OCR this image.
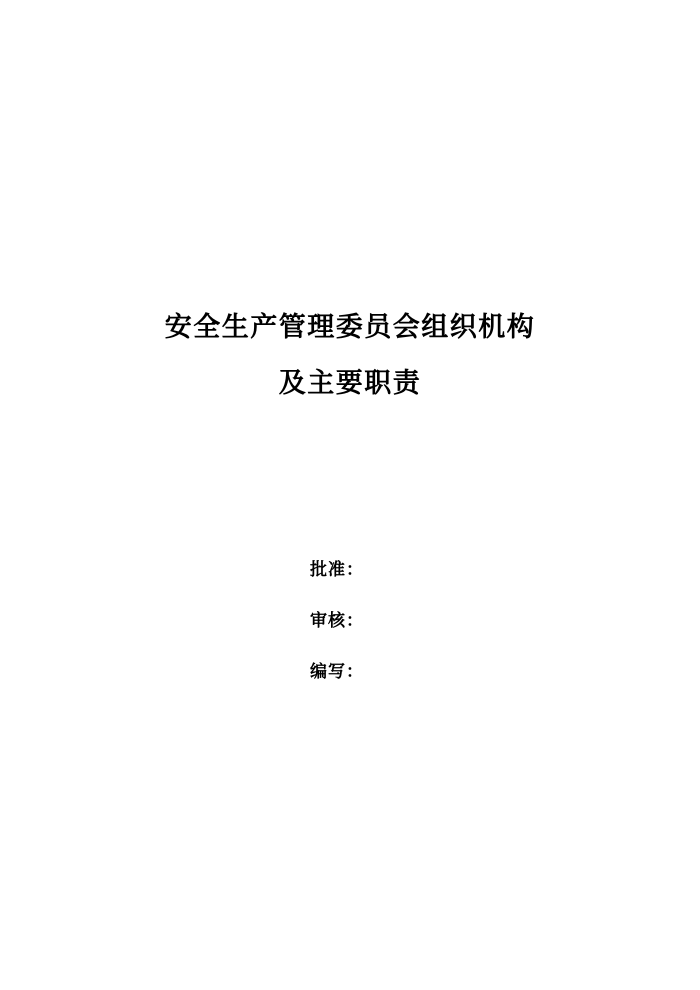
安全生产管理委员会组织机构
及主要职责
批准：
审核：
编写：
